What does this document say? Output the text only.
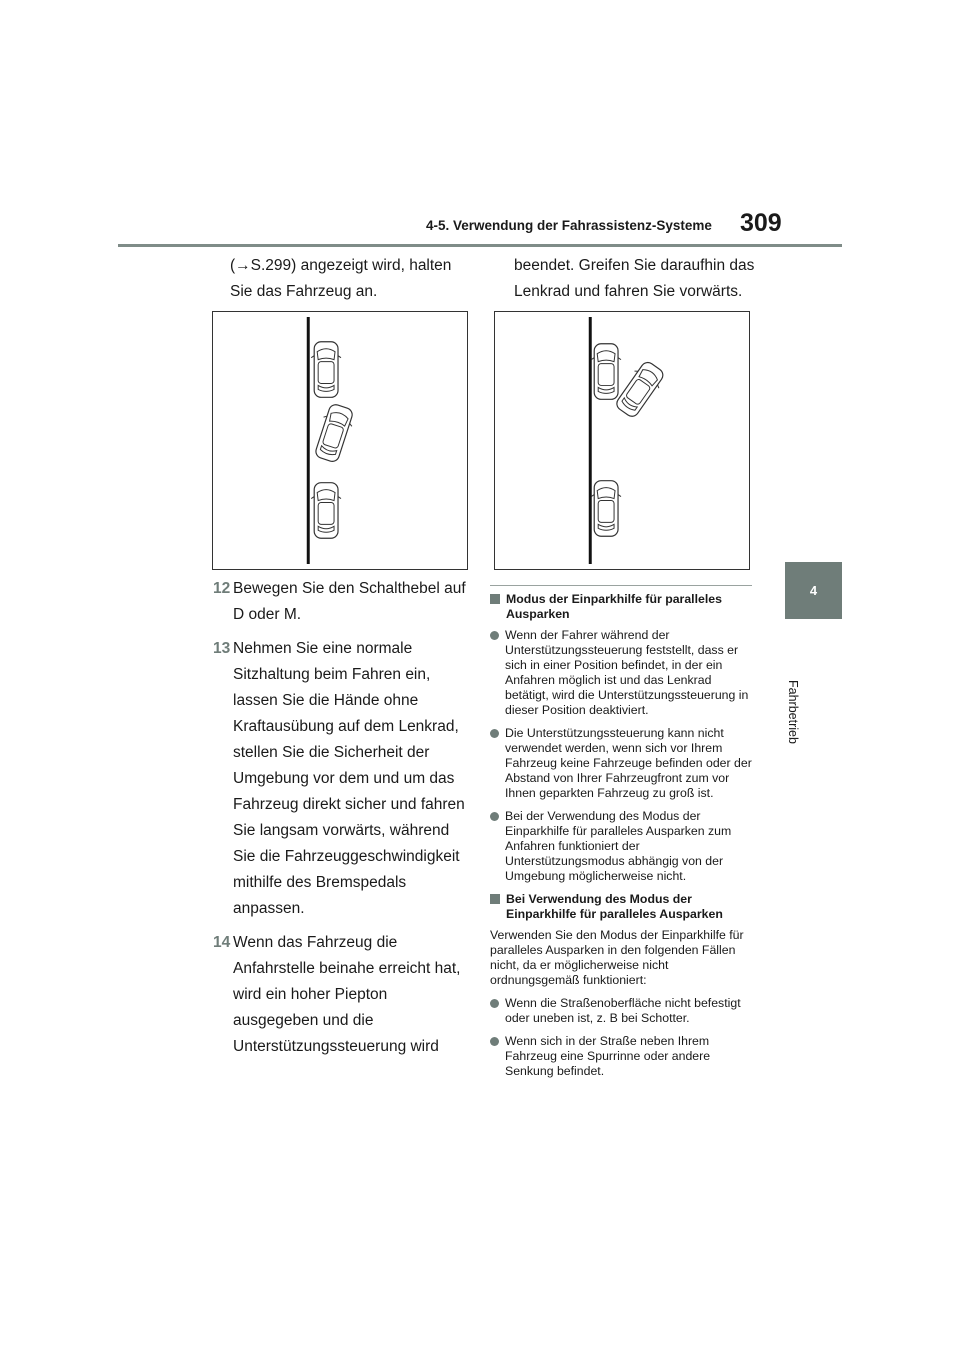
4-5. Verwendung der Fahrassistenz-Systeme 309
4
Fahrbetrieb
(→S.299) angezeigt wird, halten Sie das Fahrzeug an.
beendet. Greifen Sie daraufhin das Lenkrad und fahren Sie vorwärts.
12 Bewegen Sie den Schalthebel auf D oder M.
13 Nehmen Sie eine normale Sitzhaltung beim Fahren ein, lassen Sie die Hände ohne Kraftausübung auf dem Lenkrad, stellen Sie die Sicherheit der Umgebung vor dem und um das Fahrzeug direkt sicher und fahren Sie langsam vorwärts, während Sie die Fahrzeuggeschwindigkeit mithilfe des Bremspedals anpassen.
14 Wenn das Fahrzeug die Anfahrstelle beinahe erreicht hat, wird ein hoher Piepton ausgegeben und die Unterstützungssteuerung wird
Modus der Einparkhilfe für paralleles Ausparken
Wenn der Fahrer während der Unterstützungssteuerung feststellt, dass er sich in einer Position befindet, in der ein Anfahren möglich ist und das Lenkrad betätigt, wird die Unterstützungssteuerung in dieser Position deaktiviert.
Die Unterstützungssteuerung kann nicht verwendet werden, wenn sich vor Ihrem Fahrzeug keine Fahrzeuge befinden oder der Abstand von Ihrer Fahrzeugfront zum vor Ihnen geparkten Fahrzeug zu groß ist.
Bei der Verwendung des Modus der Einparkhilfe für paralleles Ausparken zum Anfahren funktioniert der Unterstützungsmodus abhängig von der Umgebung möglicherweise nicht.
Bei Verwendung des Modus der Einparkhilfe für paralleles Ausparken
Verwenden Sie den Modus der Einparkhilfe für paralleles Ausparken in den folgenden Fällen nicht, da er möglicherweise nicht ordnungsgemäß funktioniert:
Wenn die Straßenoberfläche nicht befestigt oder uneben ist, z. B bei Schotter.
Wenn sich in der Straße neben Ihrem Fahrzeug eine Spurrinne oder andere Senkung befindet.
